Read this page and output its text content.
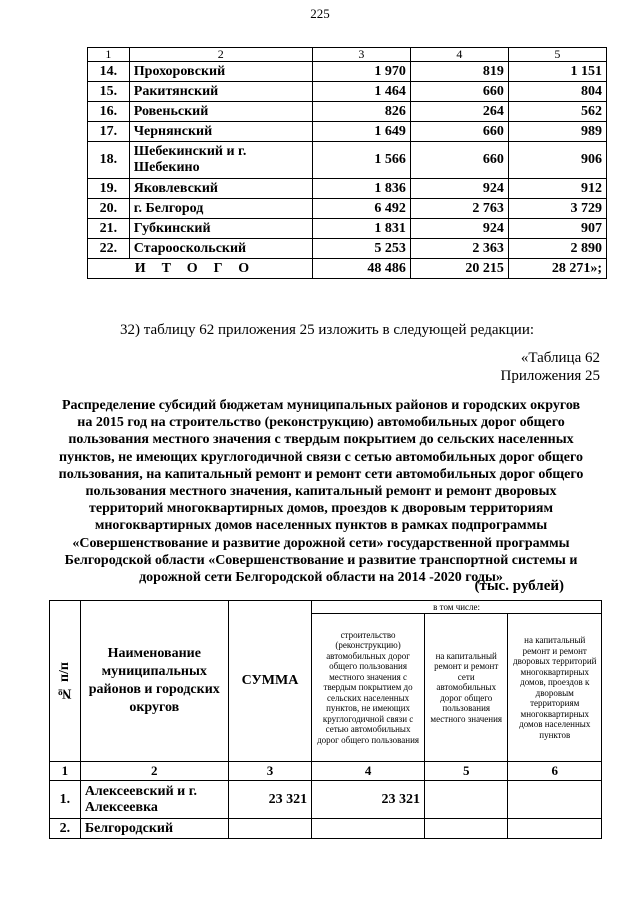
225
1	2	3	4	5
14.	Прохоровский	1 970	819	1 151
15.	Ракитянский	1 464	660	804
16.	Ровеньский	826	264	562
17.	Чернянский	1 649	660	989
18.	Шебекинский и г. Шебекино	1 566	660	906
19.	Яковлевский	1 836	924	912
20.	г. Белгород	6 492	2 763	3 729
21.	Губкинский	1 831	924	907
22.	Старооскольский	5 253	2 363	2 890
ИТОГО		48 486	20 215	28 271»;
32) таблицу 62 приложения 25 изложить в следующей редакции:
«Таблица 62
Приложения 25
Распределение субсидий бюджетам муниципальных районов и городских округов на 2015 год на строительство (реконструкцию) автомобильных дорог общего пользования местного значения с твердым покрытием до сельских населенных пунктов, не имеющих круглогодичной связи с сетью автомобильных дорог общего пользования, на капитальный ремонт и ремонт сети автомобильных дорог общего пользования местного значения, капитальный ремонт и ремонт дворовых территорий многоквартирных домов, проездов к дворовым территориям многоквартирных домов населенных пунктов в рамках подпрограммы «Совершенствование и развитие дорожной сети» государственной программы Белгородской области «Совершенствование и развитие транспортной системы и дорожной сети Белгородской области на 2014 -2020 годы»
(тыс. рублей)
№ п/п	Наименование муниципальных районов и городских округов	СУММА	в том числе:		
			строительство (реконструкцию) автомобильных дорог общего пользования местного значения с твердым покрытием до сельских населенных пунктов, не имеющих круглогодичной связи с сетью автомобильных дорог общего пользования	на капитальный ремонт и ремонт сети автомобильных дорог общего пользования местного значения	на капитальный ремонт и ремонт дворовых территорий многоквартирных домов, проездов к дворовым территориям многоквартирных домов населенных пунктов
1	2	3	4	5	6
1.	Алексеевский и г. Алексеевка	23 321	23 321		
2.	Белгородский				
